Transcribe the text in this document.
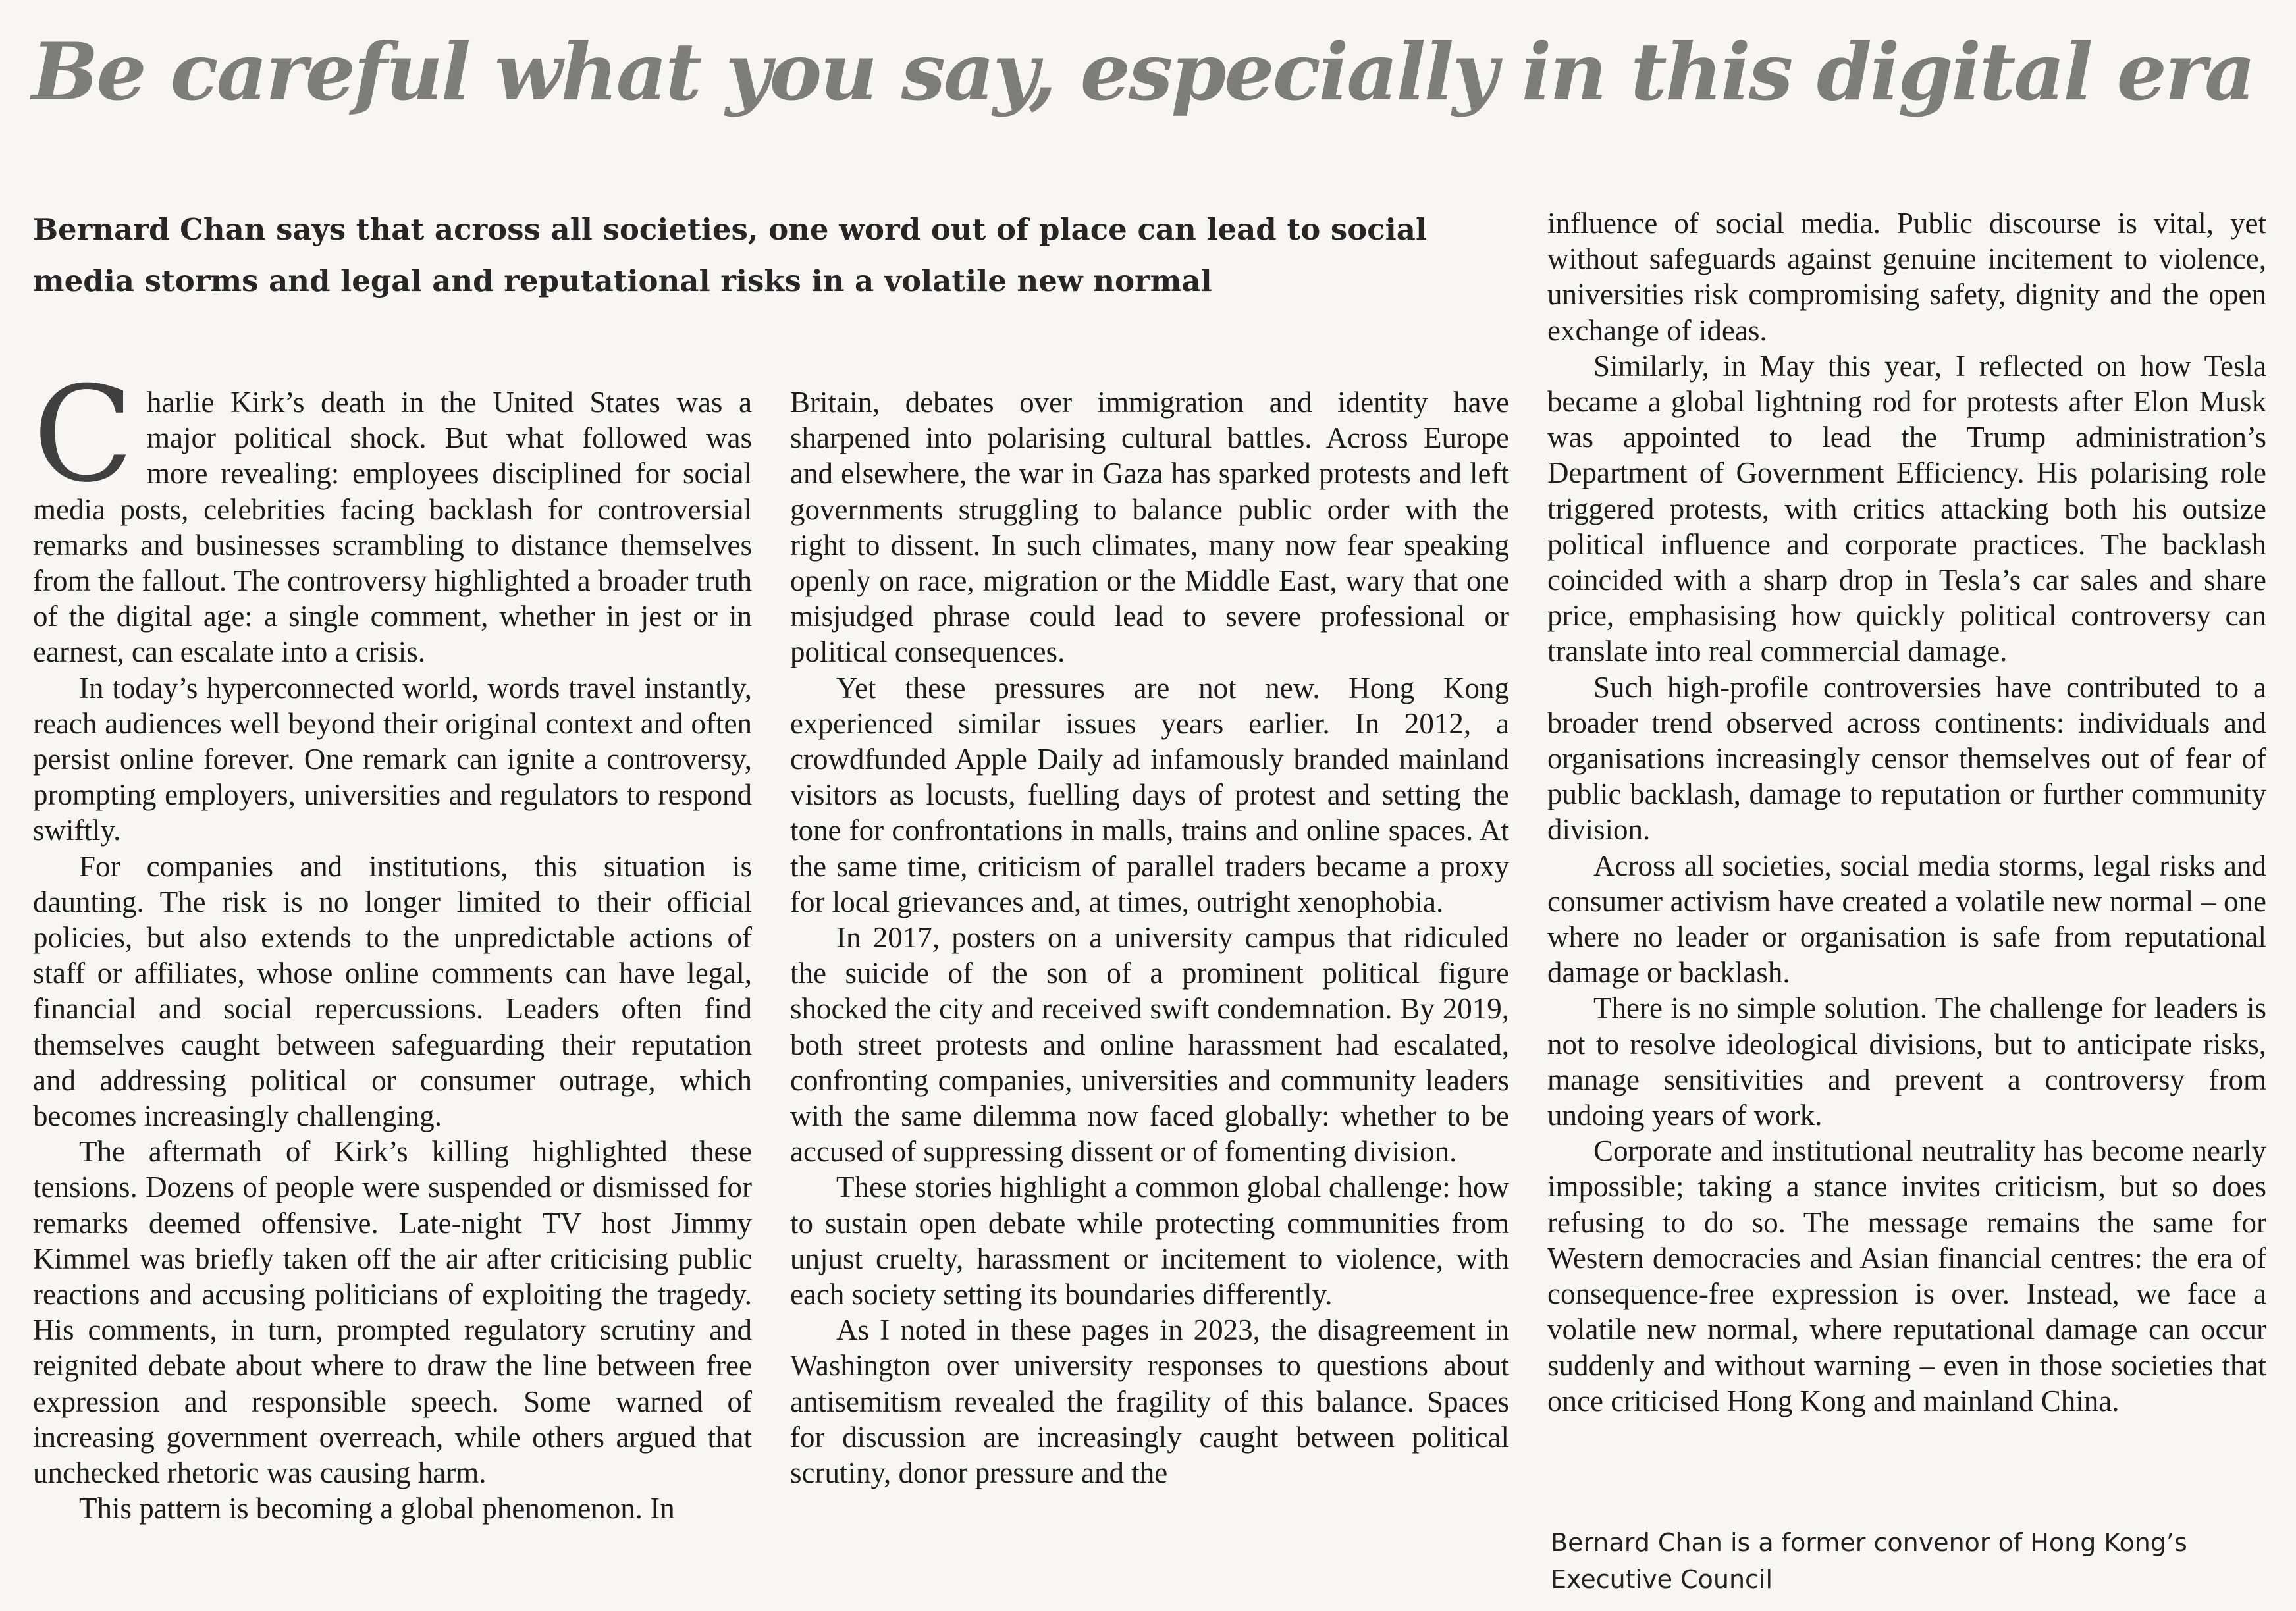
Be careful what you say, especially in this digital era

Bernard Chan says that across all societies, one word out of place can lead to social media storms and legal and reputational risks in a volatile new normal

Charlie Kirk’s death in the United States was a major political shock. But what followed was more revealing: employees disciplined for social media posts, celebrities facing backlash for controversial remarks and businesses scrambling to distance themselves from the fallout. The controversy highlighted a broader truth of the digital age: a single comment, whether in jest or in earnest, can escalate into a crisis.

In today’s hyperconnected world, words travel instantly, reach audiences well beyond their original context and often persist online forever. One remark can ignite a controversy, prompting employers, universities and regulators to respond swiftly.

For companies and institutions, this situation is daunting. The risk is no longer limited to their official policies, but also extends to the unpredictable actions of staff or affiliates, whose online comments can have legal, financial and social repercussions. Leaders often find themselves caught between safeguarding their reputation and addressing political or consumer outrage, which becomes increasingly challenging.

The aftermath of Kirk’s killing highlighted these tensions. Dozens of people were suspended or dismissed for remarks deemed offensive. Late-night TV host Jimmy Kimmel was briefly taken off the air after criticising public reactions and accusing politicians of exploiting the tragedy. His comments, in turn, prompted regulatory scrutiny and reignited debate about where to draw the line between free expression and responsible speech. Some warned of increasing government overreach, while others argued that unchecked rhetoric was causing harm.

This pattern is becoming a global phenomenon. In

Britain, debates over immigration and identity have sharpened into polarising cultural battles. Across Europe and elsewhere, the war in Gaza has sparked protests and left governments struggling to balance public order with the right to dissent. In such climates, many now fear speaking openly on race, migration or the Middle East, wary that one misjudged phrase could lead to severe professional or political consequences.

Yet these pressures are not new. Hong Kong experienced similar issues years earlier. In 2012, a crowdfunded Apple Daily ad infamously branded mainland visitors as locusts, fuelling days of protest and setting the tone for confrontations in malls, trains and online spaces. At the same time, criticism of parallel traders became a proxy for local grievances and, at times, outright xenophobia.

In 2017, posters on a university campus that ridiculed the suicide of the son of a prominent political figure shocked the city and received swift condemnation. By 2019, both street protests and online harassment had escalated, confronting companies, universities and community leaders with the same dilemma now faced globally: whether to be accused of suppressing dissent or of fomenting division.

These stories highlight a common global challenge: how to sustain open debate while protecting communities from unjust cruelty, harassment or incitement to violence, with each society setting its boundaries differently.

As I noted in these pages in 2023, the disagreement in Washington over university responses to questions about antisemitism revealed the fragility of this balance. Spaces for discussion are increasingly caught between political scrutiny, donor pressure and the

influence of social media. Public discourse is vital, yet without safeguards against genuine incitement to violence, universities risk compromising safety, dignity and the open exchange of ideas.

Similarly, in May this year, I reflected on how Tesla became a global lightning rod for protests after Elon Musk was appointed to lead the Trump administration’s Department of Government Efficiency. His polarising role triggered protests, with critics attacking both his outsize political influence and corporate practices. The backlash coincided with a sharp drop in Tesla’s car sales and share price, emphasising how quickly political controversy can translate into real commercial damage.

Such high-profile controversies have contributed to a broader trend observed across continents: individuals and organisations increasingly censor themselves out of fear of public backlash, damage to reputation or further community division.

Across all societies, social media storms, legal risks and consumer activism have created a volatile new normal – one where no leader or organisation is safe from reputational damage or backlash.

There is no simple solution. The challenge for leaders is not to resolve ideological divisions, but to anticipate risks, manage sensitivities and prevent a controversy from undoing years of work.

Corporate and institutional neutrality has become nearly impossible; taking a stance invites criticism, but so does refusing to do so. The message remains the same for Western democracies and Asian financial centres: the era of consequence-free expression is over. Instead, we face a volatile new normal, where reputational damage can occur suddenly and without warning – even in those societies that once criticised Hong Kong and mainland China.

Bernard Chan is a former convenor of Hong Kong’s Executive Council
